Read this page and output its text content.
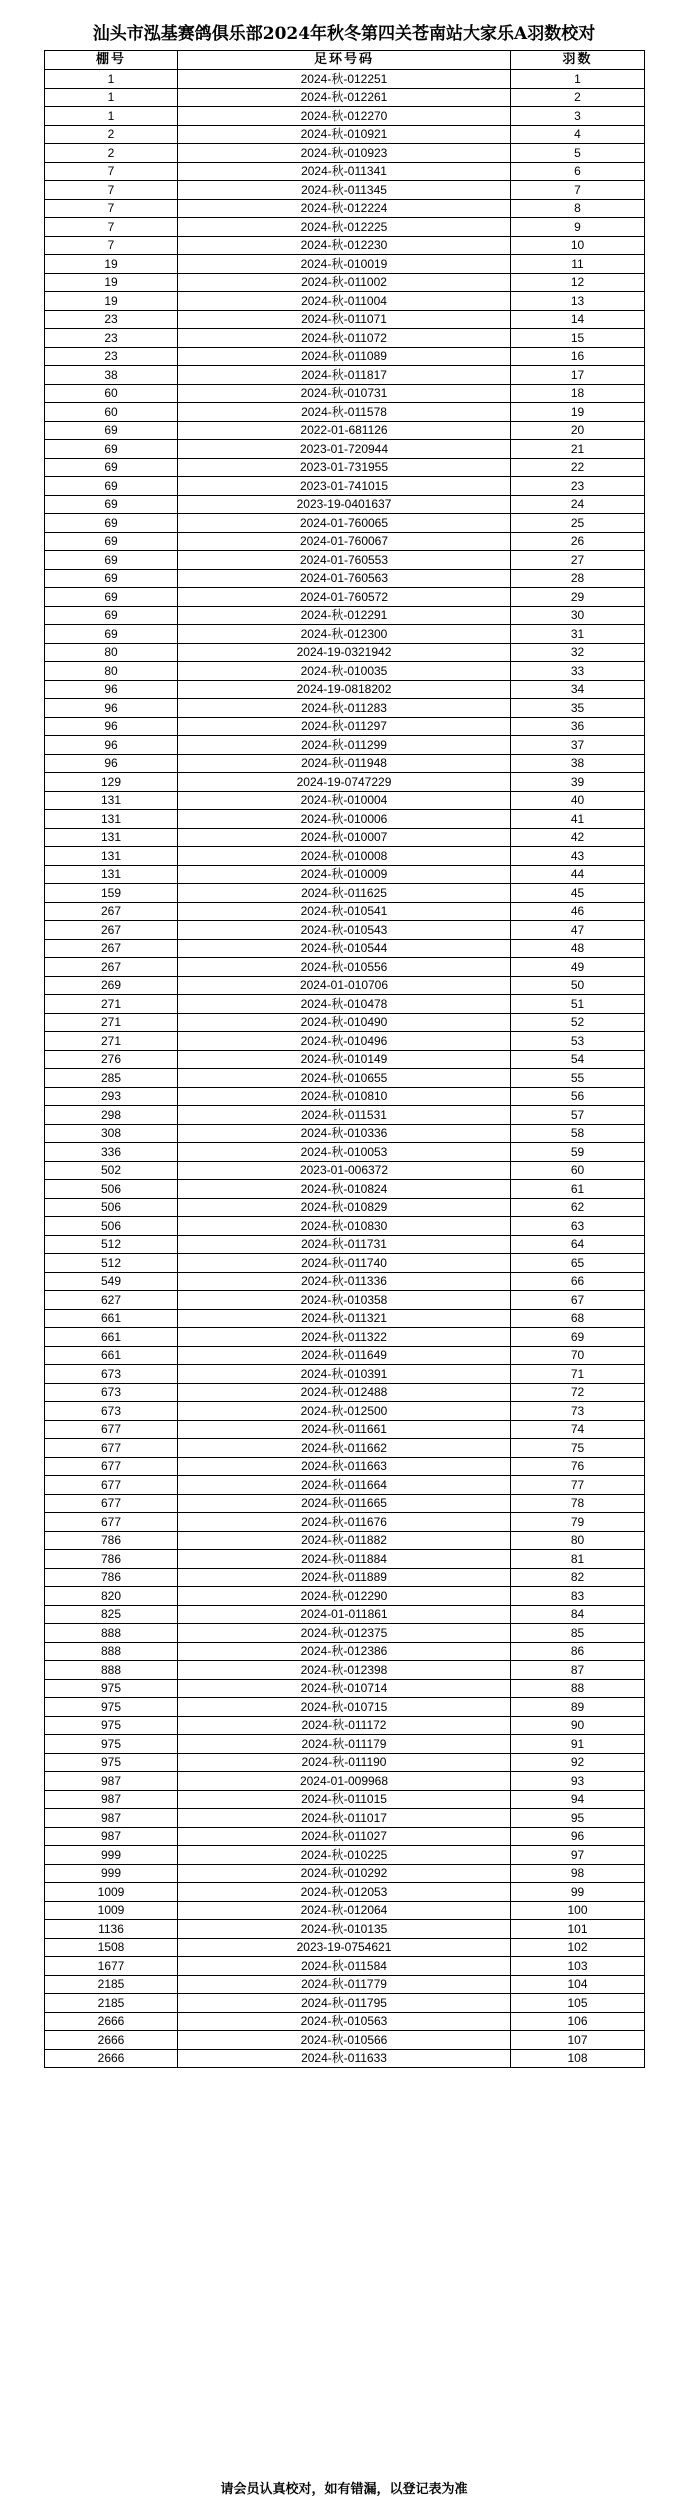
汕头市泓基赛鸽俱乐部2024年秋冬第四关苍南站大家乐A羽数校对
棚号	足环号码	羽数
1	2024-秋-012251	1
1	2024-秋-012261	2
1	2024-秋-012270	3
2	2024-秋-010921	4
2	2024-秋-010923	5
7	2024-秋-011341	6
7	2024-秋-011345	7
7	2024-秋-012224	8
7	2024-秋-012225	9
7	2024-秋-012230	10
19	2024-秋-010019	11
19	2024-秋-011002	12
19	2024-秋-011004	13
23	2024-秋-011071	14
23	2024-秋-011072	15
23	2024-秋-011089	16
38	2024-秋-011817	17
60	2024-秋-010731	18
60	2024-秋-011578	19
69	2022-01-681126	20
69	2023-01-720944	21
69	2023-01-731955	22
69	2023-01-741015	23
69	2023-19-0401637	24
69	2024-01-760065	25
69	2024-01-760067	26
69	2024-01-760553	27
69	2024-01-760563	28
69	2024-01-760572	29
69	2024-秋-012291	30
69	2024-秋-012300	31
80	2024-19-0321942	32
80	2024-秋-010035	33
96	2024-19-0818202	34
96	2024-秋-011283	35
96	2024-秋-011297	36
96	2024-秋-011299	37
96	2024-秋-011948	38
129	2024-19-0747229	39
131	2024-秋-010004	40
131	2024-秋-010006	41
131	2024-秋-010007	42
131	2024-秋-010008	43
131	2024-秋-010009	44
159	2024-秋-011625	45
267	2024-秋-010541	46
267	2024-秋-010543	47
267	2024-秋-010544	48
267	2024-秋-010556	49
269	2024-01-010706	50
271	2024-秋-010478	51
271	2024-秋-010490	52
271	2024-秋-010496	53
276	2024-秋-010149	54
285	2024-秋-010655	55
293	2024-秋-010810	56
298	2024-秋-011531	57
308	2024-秋-010336	58
336	2024-秋-010053	59
502	2023-01-006372	60
506	2024-秋-010824	61
506	2024-秋-010829	62
506	2024-秋-010830	63
512	2024-秋-011731	64
512	2024-秋-011740	65
549	2024-秋-011336	66
627	2024-秋-010358	67
661	2024-秋-011321	68
661	2024-秋-011322	69
661	2024-秋-011649	70
673	2024-秋-010391	71
673	2024-秋-012488	72
673	2024-秋-012500	73
677	2024-秋-011661	74
677	2024-秋-011662	75
677	2024-秋-011663	76
677	2024-秋-011664	77
677	2024-秋-011665	78
677	2024-秋-011676	79
786	2024-秋-011882	80
786	2024-秋-011884	81
786	2024-秋-011889	82
820	2024-秋-012290	83
825	2024-01-011861	84
888	2024-秋-012375	85
888	2024-秋-012386	86
888	2024-秋-012398	87
975	2024-秋-010714	88
975	2024-秋-010715	89
975	2024-秋-011172	90
975	2024-秋-011179	91
975	2024-秋-011190	92
987	2024-01-009968	93
987	2024-秋-011015	94
987	2024-秋-011017	95
987	2024-秋-011027	96
999	2024-秋-010225	97
999	2024-秋-010292	98
1009	2024-秋-012053	99
1009	2024-秋-012064	100
1136	2024-秋-010135	101
1508	2023-19-0754621	102
1677	2024-秋-011584	103
2185	2024-秋-011779	104
2185	2024-秋-011795	105
2666	2024-秋-010563	106
2666	2024-秋-010566	107
2666	2024-秋-011633	108
请会员认真校对，如有错漏，以登记表为准
